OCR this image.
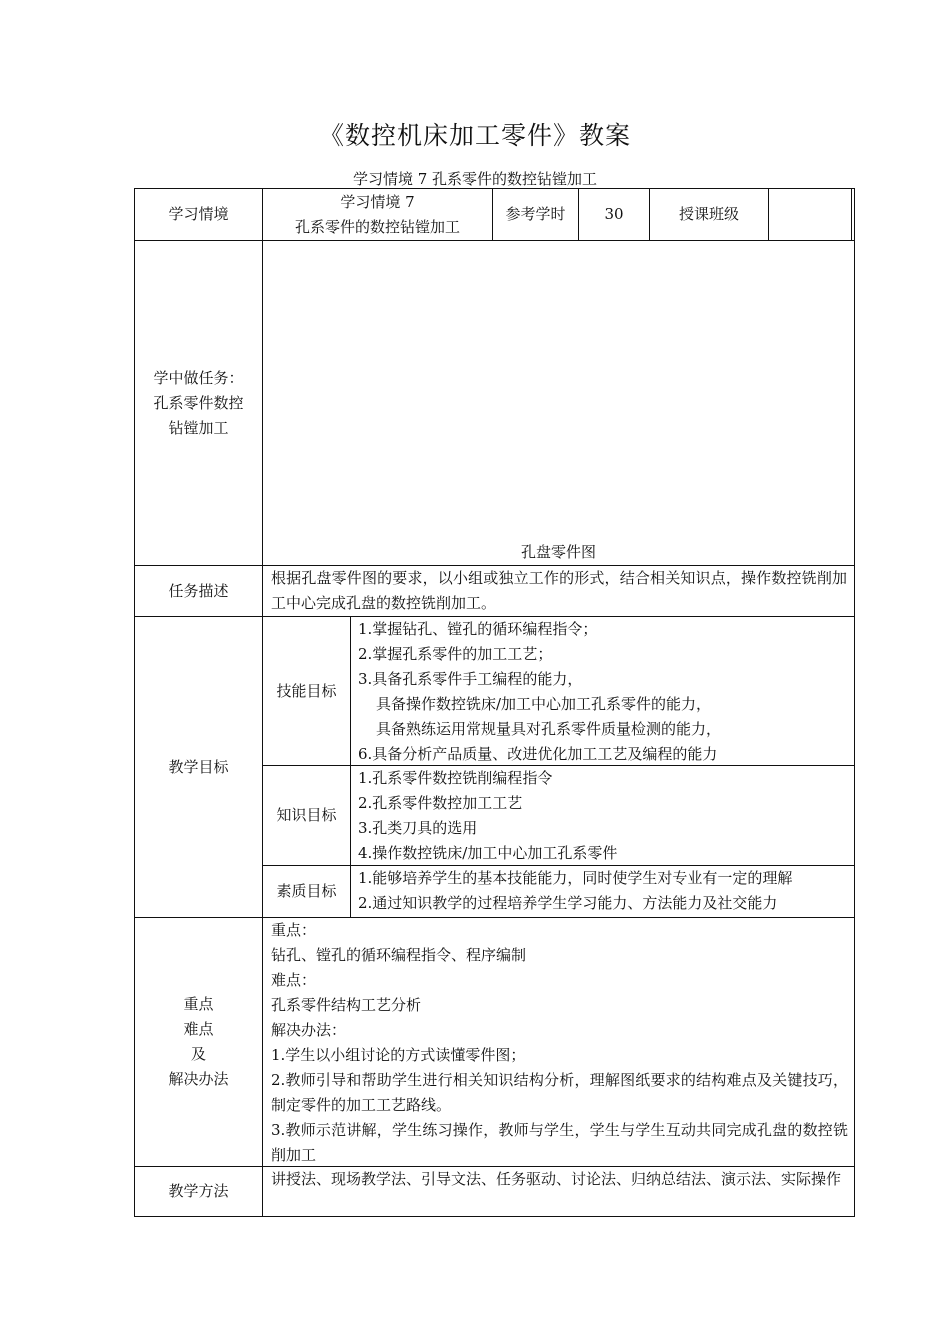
《数控机床加工零件》教案
学习情境 7 孔系零件的数控钻镗加工
学习情境
学习情境 7
孔系零件的数控钻镗加工
参考学时	30	授课班级
学中做任务：
孔系零件数控
钻镗加工
孔盘零件图
任务描述
根据孔盘零件图的要求，以小组或独立工作的形式，结合相关知识点，操作数控铣削加工中心完成孔盘的数控铣削加工。
教学目标
技能目标
1.掌握钻孔、镗孔的循环编程指令；
2.掌握孔系零件的加工工艺；
3.具备孔系零件手工编程的能力，
具备操作数控铣床/加工中心加工孔系零件的能力，
具备熟练运用常规量具对孔系零件质量检测的能力，
6.具备分析产品质量、改进优化加工工艺及编程的能力
知识目标
1.孔系零件数控铣削编程指令
2.孔系零件数控加工工艺
3.孔类刀具的选用
4.操作数控铣床/加工中心加工孔系零件
素质目标
1.能够培养学生的基本技能能力，同时使学生对专业有一定的理解
2.通过知识教学的过程培养学生学习能力、方法能力及社交能力
重点
难点
及
解决办法
重点：
钻孔、镗孔的循环编程指令、程序编制
难点：
孔系零件结构工艺分析
解决办法：
1.学生以小组讨论的方式读懂零件图；
2.教师引导和帮助学生进行相关知识结构分析，理解图纸要求的结构难点及关键技巧，制定零件的加工工艺路线。
3.教师示范讲解，学生练习操作，教师与学生，学生与学生互动共同完成孔盘的数控铣削加工
教学方法
讲授法、现场教学法、引导文法、任务驱动、讨论法、归纳总结法、演示法、实际操作
